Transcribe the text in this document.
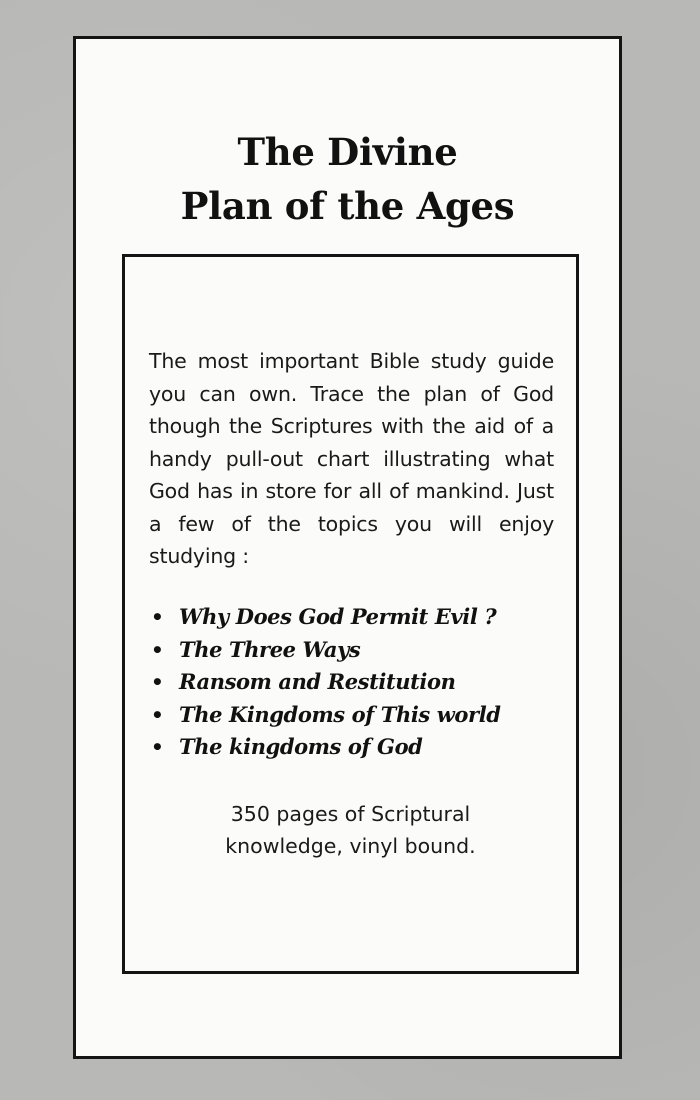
The Divine
Plan of the Ages

The most important Bible study guide you can own. Trace the plan of God though the Scriptures with the aid of a handy pull-out chart illustrating what God has in store for all of mankind. Just a few of the topics you will enjoy studying :

• Why Does God Permit Evil ?
• The Three Ways
• Ransom and Restitution
• The Kingdoms of This world
• The kingdoms of God
350 pages of Scriptural
knowledge, vinyl bound.
